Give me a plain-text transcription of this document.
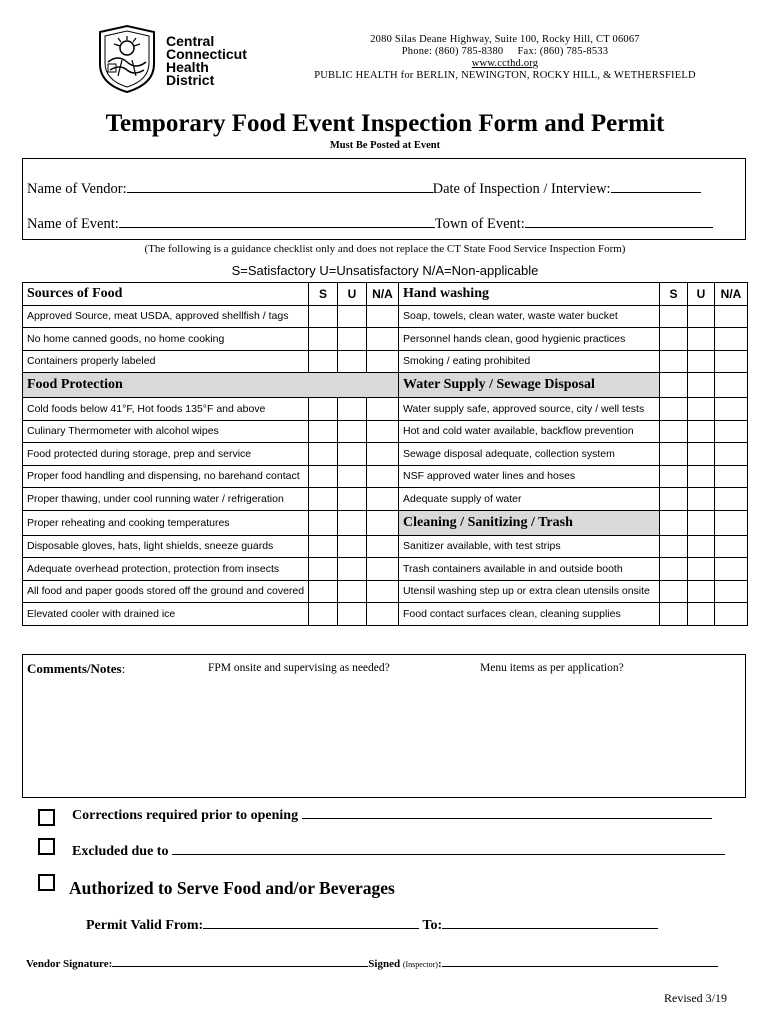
Central
Connecticut
Health
District
2080 Silas Deane Highway, Suite 100, Rocky Hill, CT 06067
Phone: (860) 785-8380     Fax: (860) 785-8533
www.ccthd.org
PUBLIC HEALTH for BERLIN, NEWINGTON, ROCKY HILL, & WETHERSFIELD
Temporary Food Event Inspection Form and Permit
Must Be Posted at Event
Name of Vendor:	Date of Inspection / Interview:
Name of Event:	Town of Event:
(The following is a guidance checklist only and does not replace the CT State Food Service Inspection Form)
S=Satisfactory U=Unsatisfactory N/A=Non-applicable
Sources of Food	S	U	N/A	Hand washing	S	U	N/A
Approved Source, meat USDA, approved shellfish / tags				Soap, towels, clean water, waste water bucket			
No home canned goods, no home cooking				Personnel hands clean, good hygienic practices			
Containers properly labeled				Smoking / eating prohibited			
Food Protection				Water Supply / Sewage Disposal			
Cold foods below 41°F, Hot foods 135°F and above				Water supply safe, approved source, city / well tests			
Culinary Thermometer with alcohol wipes				Hot and cold water available, backflow prevention			
Food protected during storage, prep and service				Sewage disposal adequate, collection system			
Proper food handling and dispensing, no barehand contact				NSF approved water lines and hoses			
Proper thawing, under cool running water / refrigeration				Adequate supply of water			
Proper reheating and cooking temperatures				Cleaning / Sanitizing / Trash			
Disposable gloves, hats, light shields, sneeze guards				Sanitizer available, with test strips			
Adequate overhead protection, protection from insects				Trash containers available in and outside booth			
All food and paper goods stored off the ground and covered				Utensil washing step up or extra clean utensils onsite			
Elevated cooler with drained ice				Food contact surfaces clean, cleaning supplies			
Comments/Notes:	FPM onsite and supervising as needed?	Menu items as per application?
Corrections required prior to opening
Excluded due to
Authorized to Serve Food and/or Beverages
Permit Valid From:	To:
Vendor Signature:	Signed (Inspector):
Revised 3/19
